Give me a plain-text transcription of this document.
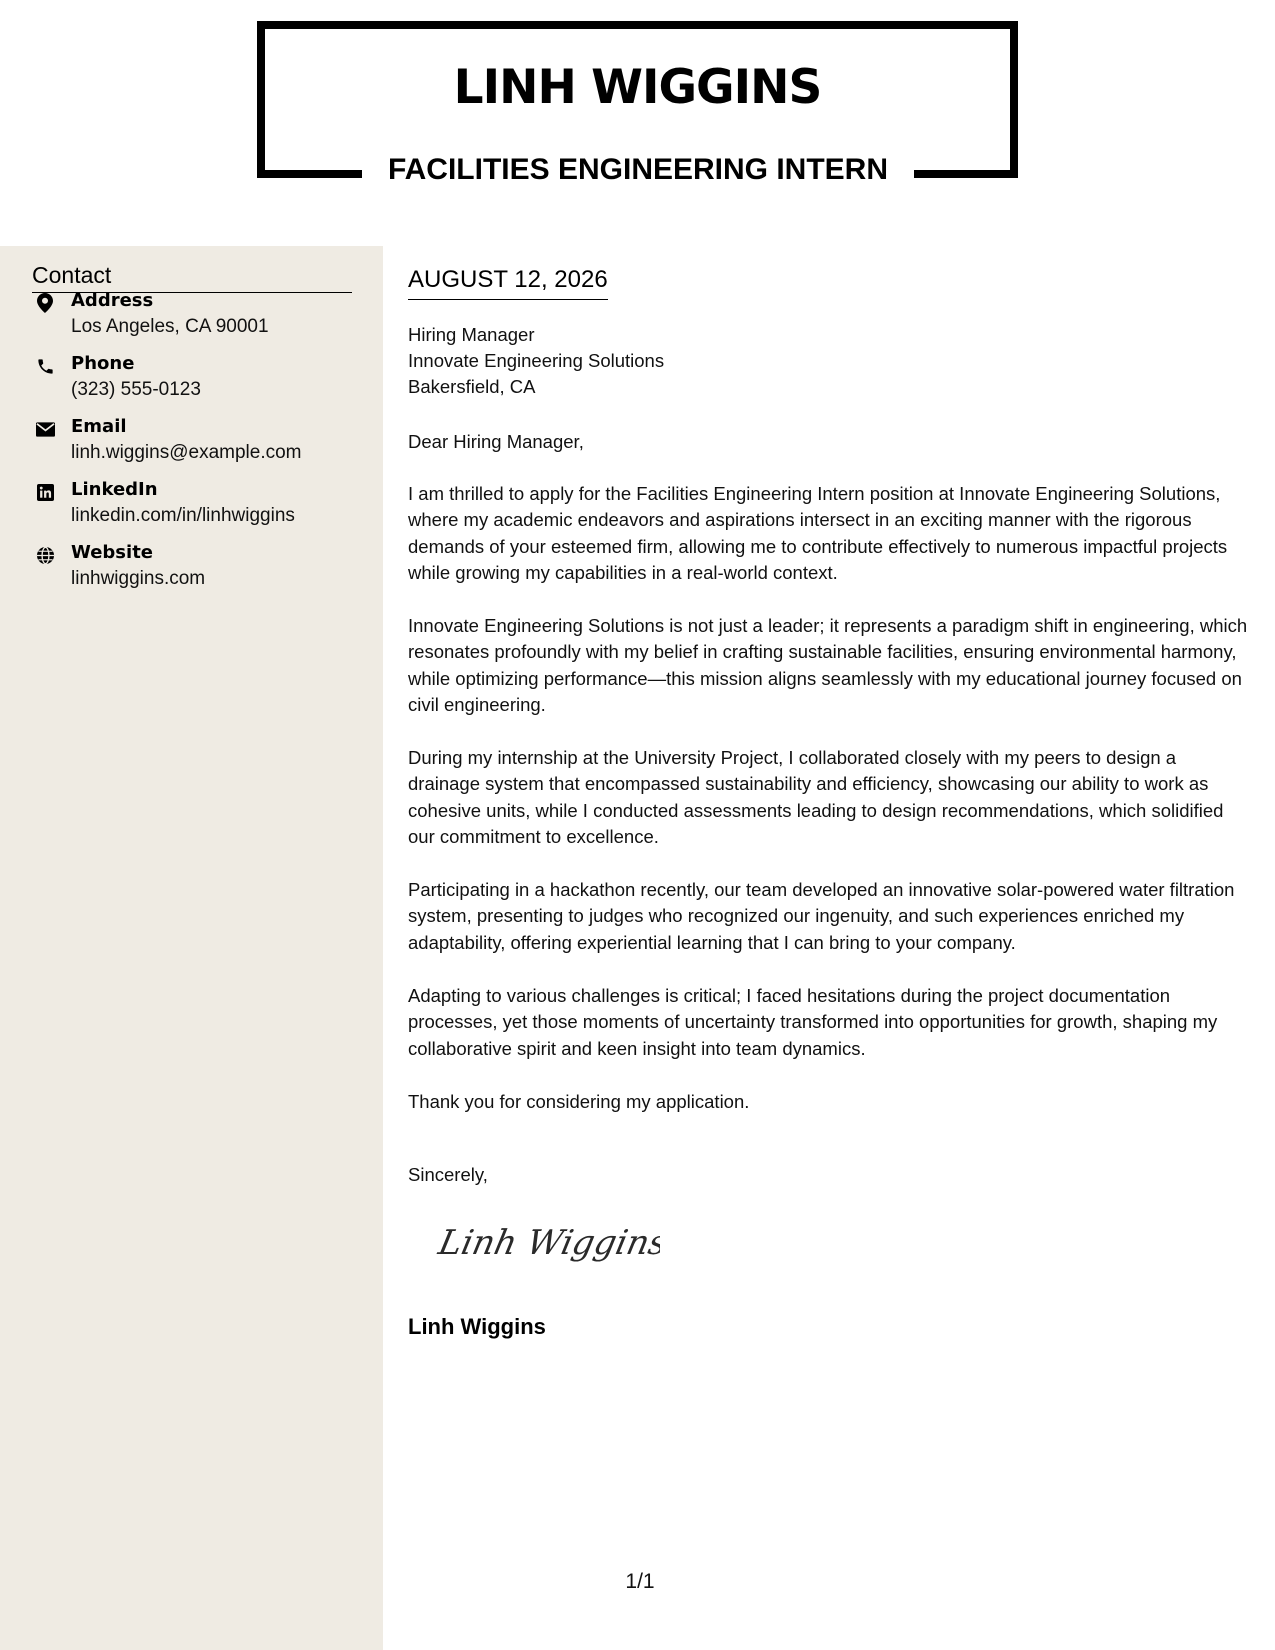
LINH WIGGINS
FACILITIES ENGINEERING INTERN
Contact
Address
Los Angeles, CA 90001
Phone
(323) 555-0123
Email
linh.wiggins@example.com
LinkedIn
linkedin.com/in/linhwiggins
Website
linhwiggins.com
AUGUST 12, 2026
Hiring Manager
Innovate Engineering Solutions
Bakersfield, CA
Dear Hiring Manager,

I am thrilled to apply for the Facilities Engineering Intern position at Innovate Engineering Solutions, where my academic endeavors and aspirations intersect in an exciting manner with the rigorous demands of your esteemed firm, allowing me to contribute effectively to numerous impactful projects while growing my capabilities in a real-world context.

Innovate Engineering Solutions is not just a leader; it represents a paradigm shift in engineering, which resonates profoundly with my belief in crafting sustainable facilities, ensuring environmental harmony, while optimizing performance—this mission aligns seamlessly with my educational journey focused on civil engineering.

During my internship at the University Project, I collaborated closely with my peers to design a drainage system that encompassed sustainability and efficiency, showcasing our ability to work as cohesive units, while I conducted assessments leading to design recommendations, which solidified our commitment to excellence.

Participating in a hackathon recently, our team developed an innovative solar-powered water filtration system, presenting to judges who recognized our ingenuity, and such experiences enriched my adaptability, offering experiential learning that I can bring to your company.

Adapting to various challenges is critical; I faced hesitations during the project documentation processes, yet those moments of uncertainty transformed into opportunities for growth, shaping my collaborative spirit and keen insight into team dynamics.

Thank you for considering my application.

Sincerely,
Linh Wiggins
Linh Wiggins
1/1
